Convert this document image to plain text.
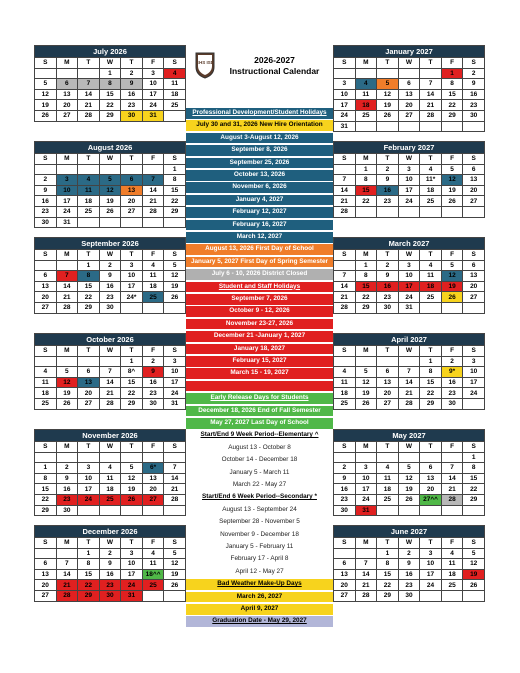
EHS ISD	2026-2027
Instructional Calendar
July 2026						
S	M	T	W	T	F	S
			1	2	3	4
5	6	7	8	9	10	11
12	13	14	15	16	17	18
19	20	21	22	23	24	25
26	27	28	29	30	31	
August 2026						
S	M	T	W	T	F	S
						1
2	3	4	5	6	7	8
9	10	11	12	13	14	15
16	17	18	19	20	21	22
23	24	25	26	27	28	29
30	31					
September 2026						
S	M	T	W	T	F	S
		1	2	3	4	5
6	7	8	9	10	11	12
13	14	15	16	17	18	19
20	21	22	23	24*	25	26
27	28	29	30			
October 2026						
S	M	T	W	T	F	S
				1	2	3
4	5	6	7	8^	9	10
11	12	13	14	15	16	17
18	19	20	21	22	23	24
25	26	27	28	29	30	31
November 2026						
S	M	T	W	T	F	S

1	2	3	4	5	6*	7
8	9	10	11	12	13	14
15	16	17	18	19	20	21
22	23	24	25	26	27	28
29	30					
December 2026						
S	M	T	W	T	F	S
		1	2	3	4	5
6	7	8	9	10	11	12
13	14	15	16	17	18^^	19
20	21	22	23	24	25	26
27	28	29	30	31		
January 2027						
S	M	T	W	T	F	S
					1	2
3	4	5	6	7	8	9
10	11	12	13	14	15	16
17	18	19	20	21	22	23
24	25	26	27	28	29	30
31						
February 2027						
S	M	T	W	T	F	S
	1	2	3	4	5	6
7	8	9	10	11*	12	13
14	15	16	17	18	19	20
21	22	23	24	25	26	27
28						
March 2027						
S	M	T	W	T	F	S
	1	2	3	4	5	6
7	8	9	10	11	12	13
14	15	16	17	18	19	20
21	22	23	24	25	26	27
28	29	30	31			
April 2027						
S	M	T	W	T	F	S
				1	2	3
4	5	6	7	8	9*	10
11	12	13	14	15	16	17
18	19	20	21	22	23	24
25	26	27	28	29	30	
May 2027						
S	M	T	W	T	F	S
						1
2	3	4	5	6	7	8
9	10	11	12	13	14	15
16	17	18	19	20	21	22
23	24	25	26	27^^	28	29
30	31					
June 2027						
S	M	T	W	T	F	S
		1	2	3	4	5
6	7	8	9	10	11	12
13	14	15	16	17	18	19
20	21	22	23	24	25	26
27	28	29	30			
Professional Development/Student Holidays
July 30 and 31, 2026 New Hire Orientation
August 3-August 12, 2026
September 8, 2026
September 25, 2026
October 13, 2026
November 6, 2026
January 4, 2027
February 12, 2027
February 16, 2027
March 12, 2027
August 13, 2026 First Day of School
January 5, 2027 First Day of Spring Semester
July 6 - 10, 2026 District Closed
Student and Staff Holidays
September 7, 2026
October 9 - 12, 2026
November 23-27, 2026
December 21 -January 1, 2027
January 18, 2027
February 15, 2027
March 15 - 19, 2027
Early Release Days for Students
December 18, 2026 End of Fall Semester
May 27, 2027 Last Day of School
Start/End 9 Week Period--Elementary ^
August 13 - October 8
October 14 - December 18
January 5 - March 11
March 22 - May 27
Start/End 6 Week Period--Secondary *
August 13 - September 24
September 28 - November 5
November 9 - December 18
January 5 - February 11
February 17 - April 8
April 12 - May 27
Bad Weather Make-Up Days
March 26, 2027
April 9, 2027
Graduation Date - May 29, 2027
